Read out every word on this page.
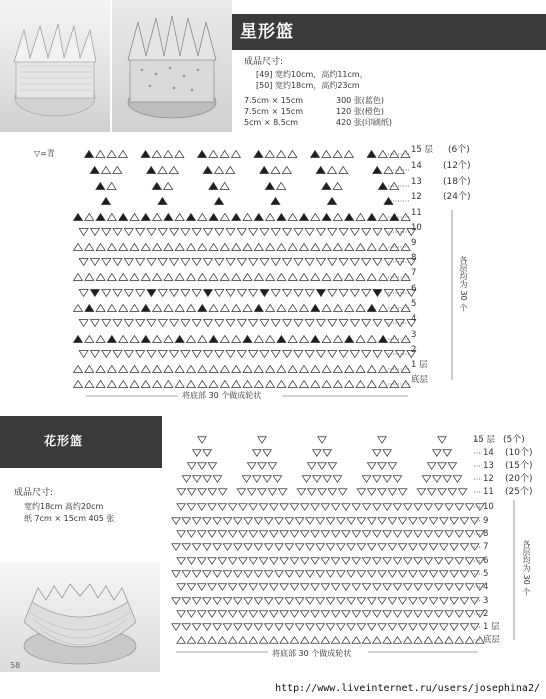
星形篮
成品尺寸:
[49] 宽约10cm，高约11cm，
[50] 宽约18cm，高约23cm
7.5cm × 15cm	300 张(蓝色)
7.5cm × 15cm	120 张(橙色)
5cm × 8.5cm	420 张(印刷纸)
▽=青	15 层
14
13
12
11
10
9
8
7
6
5
4
3
2
1 层
底层
(6个)
(12个)
(18个)
(24个)
各层均为 30 个
将底部 30 个做成轮状
花形篮
成品尺寸:
宽约18cm 高约20cm
纸 7cm × 15cm 405 张
15 层
14
13
12
11
10
9
8
7
6
5
4
3
2
1 层
底层
(5个)
(10个)
(15个)
(20个)
(25个)
各层均为 30 个
将底部 30 个做成轮状
58
http://www.liveinternet.ru/users/josephina2/
